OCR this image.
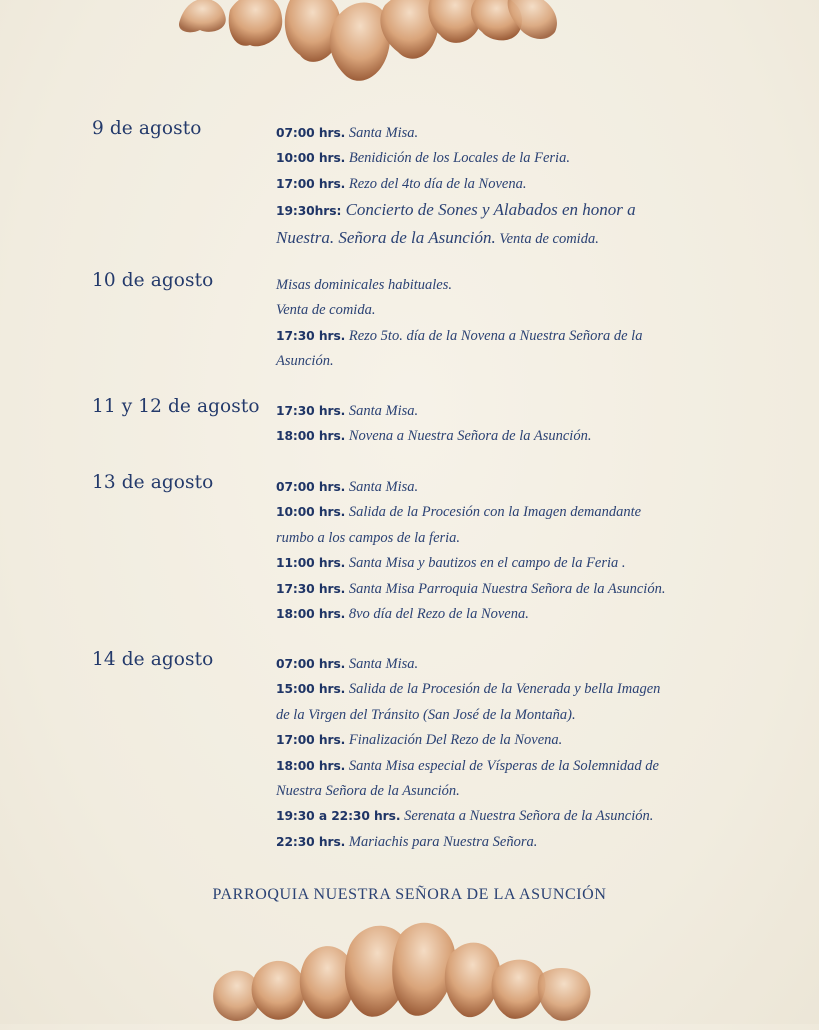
9 de agosto	07:00 hrs. Santa Misa.
10:00 hrs. Benidición de los Locales de la Feria.
17:00 hrs. Rezo del 4to día de la Novena.
19:30hrs: Concierto de Sones y Alabados en honor a
Nuestra. Señora de la Asunción. Venta de comida.
10 de agosto	Misas dominicales habituales.
Venta de comida.
17:30 hrs. Rezo 5to. día de la Novena a Nuestra Señora de la
Asunción.
11 y 12 de agosto 17:30 hrs. Santa Misa.
18:00 hrs. Novena a Nuestra Señora de la Asunción.
13 de agosto	07:00 hrs. Santa Misa.
10:00 hrs. Salida de la Procesión con la Imagen demandante
rumbo a los campos de la feria.
11:00 hrs. Santa Misa y bautizos en el campo de la Feria .
17:30 hrs. Santa Misa Parroquia Nuestra Señora de la Asunción.
18:00 hrs. 8vo día del Rezo de la Novena.
14 de agosto	07:00 hrs. Santa Misa.
15:00 hrs. Salida de la Procesión de la Venerada y bella Imagen
de la Virgen del Tránsito (San José de la Montaña).
17:00 hrs. Finalización Del Rezo de la Novena.
18:00 hrs. Santa Misa especial de Vísperas de la Solemnidad de
Nuestra Señora de la Asunción.
19:30 a 22:30 hrs. Serenata a Nuestra Señora de la Asunción.
22:30 hrs. Mariachis para Nuestra Señora.
PARROQUIA NUESTRA SEÑORA DE LA ASUNCIÓN
